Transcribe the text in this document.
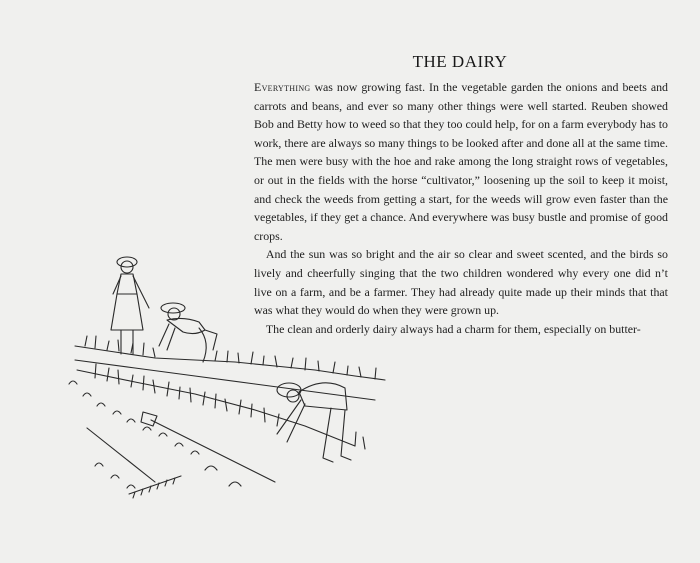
THE DAIRY

Everything was now growing fast. In the vegetable garden the onions and beets and carrots and beans, and ever so many other things were well started. Reuben showed Bob and Betty how to weed so that they too could help, for on a farm everybody has to work, there are always so many things to be looked after and done all at the same time. The men were busy with the hoe and rake among the long straight rows of vegetables, or out in the fields with the horse “cultivator,” loosening up the soil to keep it moist, and check the weeds from getting a start, for the weeds will grow even faster than the vegetables, if they get a chance. And everywhere was busy bustle and promise of good crops.

 And the sun was so bright and the air so clear and sweet scented, and the birds so lively and cheerfully singing that the two children wondered why every one did n’t live on a farm, and be a farmer. They had already quite made up their minds that that was what they would do when they were grown up.

 The clean and orderly dairy always had a charm for them, especially on butter-
